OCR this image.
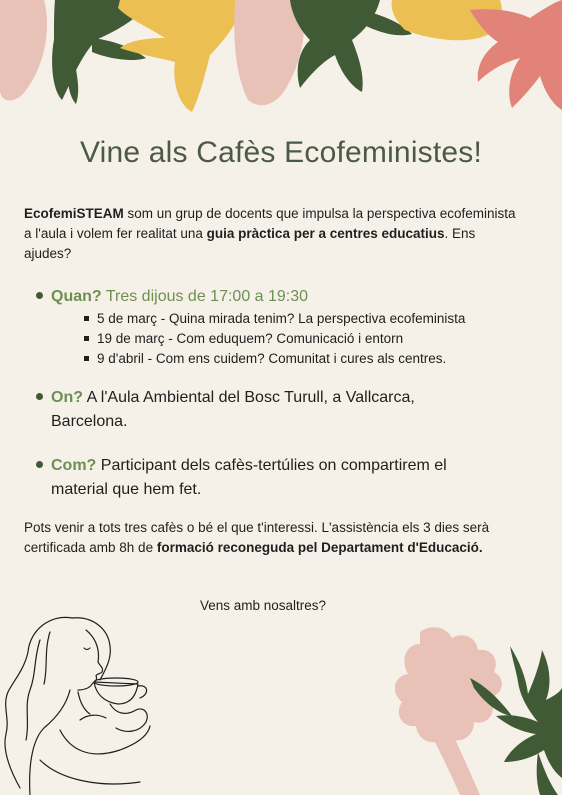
Vine als Cafès Ecofeministes!

EcofemiSTEAM som un grup de docents que impulsa la perspectiva ecofeminista a l'aula i volem fer realitat una guia pràctica per a centres educatius. Ens ajudes?

Quan? Tres dijous de 17:00 a 19:30
5 de març - Quina mirada tenim? La perspectiva ecofeminista
19 de març - Com eduquem? Comunicació i entorn
9 d'abril - Com ens cuidem? Comunitat i cures als centres.
On? A l'Aula Ambiental del Bosc Turull, a Vallcarca, Barcelona.
Com? Participant dels cafès-tertúlies on compartirem el material que hem fet.

Pots venir a tots tres cafès o bé el que t'interessi. L'assistència els 3 dies serà certificada amb 8h de formació reconeguda pel Departament d'Educació.

Vens amb nosaltres?
